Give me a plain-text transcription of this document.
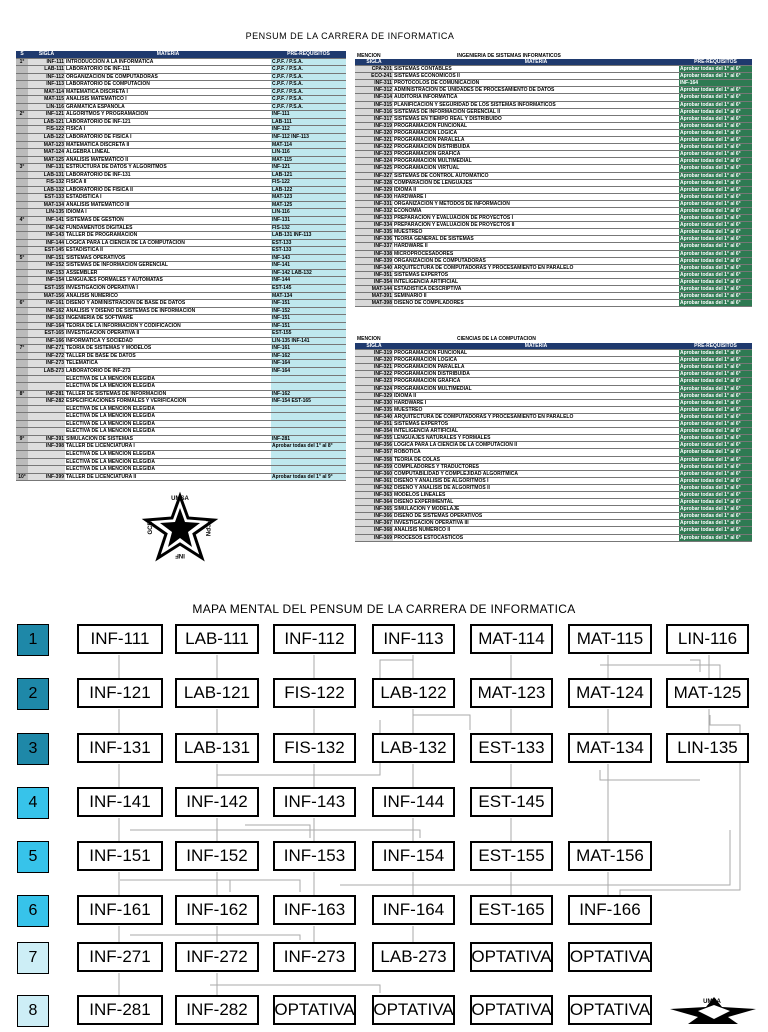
PENSUM DE LA CARRERA DE INFORMATICA
S	SIGLA	MATERIA	PRE-REQUISITOS
1°	INF-111	INTRODUCCION A LA INFORMATICA	C.P.F. / P.S.A.
	LAB-111	LABORATORIO DE INF-111	C.P.F. / P.S.A.
	INF-112	ORGANIZACION DE COMPUTADORAS	C.P.F. / P.S.A.
	INF-113	LABORATORIO DE COMPUTACION	C.P.F. / P.S.A.
	MAT-114	MATEMATICA DISCRETA I	C.P.F. / P.S.A.
	MAT-115	ANALISIS MATEMATICO I	C.P.F. / P.S.A.
	LIN-116	GRAMATICA ESPAÑOLA	C.P.F. / P.S.A.
2°	INF-121	ALGORITMOS Y PROGRAMACION	INF-111
	LAB-121	LABORATORIO DE INF-121	LAB-111
	FIS-122	FISICA I	INF-112
	LAB-122	LABORATORIO DE FISICA I	INF-112 INF-113
	MAT-123	MATEMATICA DISCRETA II	MAT-114
	MAT-124	ALGEBRA LINEAL	LIN-116
	MAT-125	ANALISIS MATEMATICO II	MAT-115
3°	INF-131	ESTRUCTURA DE DATOS Y ALGORITMOS	INF-121
	LAB-131	LABORATORIO DE INF-131	LAB-121
	FIS-132	FISICA II	FIS-122
	LAB-132	LABORATORIO DE FISICA II	LAB-122
	EST-133	ESTADISTICA I	MAT-123
	MAT-134	ANALISIS MATEMATICO III	MAT-125
	LIN-135	IDIOMA I	LIN-116
4°	INF-141	SISTEMAS DE GESTION	INF-131
	INF-142	FUNDAMENTOS DIGITALES	FIS-132
	INF-143	TALLER DE PROGRAMACION	LAB-131 INF-113
	INF-144	LOGICA PARA LA CIENCIA DE LA COMPUTACION	EST-133
	EST-145	ESTADISTICA II	EST-133
5°	INF-151	SISTEMAS OPERATIVOS	INF-143
	INF-152	SISTEMAS DE INFORMACION GERENCIAL	INF-141
	INF-153	ASSEMBLER	INF-142 LAB-132
	INF-154	LENGUAJES FORMALES Y AUTOMATAS	INF-144
	EST-155	INVESTIGACION OPERATIVA I	EST-145
	MAT-156	ANALISIS NUMERICO	MAT-134
6°	INF-161	DISEÑO Y ADMINISTRACION DE BASE DE DATOS	INF-151
	INF-162	ANALISIS Y DISEÑO DE SISTEMAS DE INFORMACION	INF-152
	INF-163	INGENIERIA DE SOFTWARE	INF-151
	INF-164	TEORIA DE LA INFORMACION Y CODIFICACION	INF-151
	EST-165	INVESTIGACION OPERATIVA II	EST-155
	INF-166	INFORMATICA Y SOCIEDAD	LIN-135 INF-141
7°	INF-271	TEORIA DE SISTEMAS Y MODELOS	INF-161
	INF-272	TALLER DE BASE DE DATOS	INF-162
	INF-273	TELEMATICA	INF-164
	LAB-273	LABORATORIO DE INF-273	INF-164
		ELECTIVA DE LA MENCION ELEGIDA	
		ELECTIVA DE LA MENCION ELEGIDA	
8°	INF-281	TALLER DE SISTEMAS DE INFORMACION	INF-162
	INF-282	ESPECIFICACIONES FORMALES Y VERIFICACION	INF-154 EST-165
		ELECTIVA DE LA MENCION ELEGIDA	
		ELECTIVA DE LA MENCION ELEGIDA	
		ELECTIVA DE LA MENCION ELEGIDA	
		ELECTIVA DE LA MENCION ELEGIDA	
9°	INF-391	SIMULACION DE SISTEMAS	INF-281
	INF-398	TALLER DE LICENCIATURA I	Aprobar todas del 1° al 8°
		ELECTIVA DE LA MENCION ELEGIDA	
		ELECTIVA DE LA MENCION ELEGIDA	
		ELECTIVA DE LA MENCION ELEGIDA	
10°	INF-399	TALLER DE LICENCIATURA II	Aprobar todas del 1° al 9°
MENCION	INGENIERIA DE SISTEMAS INFORMATICOS
SIGLA	MATERIA	PRE-REQUISITOS
CPA-201	SISTEMAS CONTABLES	Aprobar todas del 1° al 6°
ECO-241	SISTEMAS ECONOMICOS II	Aprobar todas del 1° al 6°
INF-311	PROTOCOLOS DE COMUNICACION	INF-164
INF-312	ADMINISTRACION DE UNIDADES DE PROCESAMIENTO DE DATOS	Aprobar todas del 1° al 6°
INF-314	AUDITORIA INFORMATICA	Aprobar todas del 1° al 6°
INF-315	PLANIFICACION Y SEGURIDAD DE LOS SISTEMAS INFORMATICOS	Aprobar todas del 1° al 6°
INF-316	SISTEMAS DE INFORMACION GERENCIAL II	Aprobar todas del 1° al 6°
INF-317	SISTEMAS EN TIEMPO REAL Y DISTRIBUIDO	Aprobar todas del 1° al 6°
INF-319	PROGRAMACION FUNCIONAL	Aprobar todas del 1° al 6°
INF-320	PROGRAMACION LOGICA	Aprobar todas del 1° al 6°
INF-321	PROGRAMACION PARALELA	Aprobar todas del 1° al 6°
INF-322	PROGRAMACION DISTRIBUIDA	Aprobar todas del 1° al 6°
INF-323	PROGRAMACION GRAFICA	Aprobar todas del 1° al 6°
INF-324	PROGRAMACION MULTIMEDIAL	Aprobar todas del 1° al 6°
INF-325	PROGRAMACION VIRTUAL	Aprobar todas del 1° al 6°
INF-327	SISTEMAS DE CONTROL AUTOMATICO	Aprobar todas del 1° al 6°
INF-328	COMPARACION DE LENGUAJES	Aprobar todas del 1° al 6°
INF-329	IDIOMA II	Aprobar todas del 1° al 6°
INF-330	HARDWARE I	Aprobar todas del 1° al 6°
INF-331	ORGANIZACION Y METODOS DE INFORMACION	Aprobar todas del 1° al 6°
INF-332	ECONOMIA	Aprobar todas del 1° al 6°
INF-333	PREPARACION Y EVALUACION DE PROYECTOS I	Aprobar todas del 1° al 6°
INF-334	PREPARACION Y EVALUACION DE PROYECTOS II	Aprobar todas del 1° al 6°
INF-335	MUESTREO	Aprobar todas del 1° al 6°
INF-336	TEORIA GENERAL DE SISTEMAS	Aprobar todas del 1° al 6°
INF-337	HARDWARE II	Aprobar todas del 1° al 6°
INF-338	MICROPROCESADORES	Aprobar todas del 1° al 6°
INF-339	ORGANIZACION DE COMPUTADORAS	Aprobar todas del 1° al 6°
INF-340	ARQUITECTURA DE COMPUTADORAS Y PROCESAMIENTO EN PARALELO	Aprobar todas del 1° al 6°
INF-351	SISTEMAS EXPERTOS	Aprobar todas del 1° al 6°
INF-354	INTELIGENCIA ARTIFICIAL	Aprobar todas del 1° al 6°
MAT-144	ESTADISTICA DESCRIPTIVA	Aprobar todas del 1° al 6°
MAT-391	SEMINARIO II	Aprobar todas del 1° al 6°
MAT-398	DISEÑO DE COMPILADORES	Aprobar todas del 1° al 6°
MENCION	CIENCIAS DE LA COMPUTACION
SIGLA	MATERIA	PRE-REQUISITOS
INF-319	PROGRAMACION FUNCIONAL	Aprobar todas del 1° al 6°
INF-320	PROGRAMACION LOGICA	Aprobar todas del 1° al 6°
INF-321	PROGRAMACION PARALELA	Aprobar todas del 1° al 6°
INF-322	PROGRAMACION DISTRIBUIDA	Aprobar todas del 1° al 6°
INF-323	PROGRAMACION GRAFICA	Aprobar todas del 1° al 6°
INF-324	PROGRAMACION MULTIMEDIAL	Aprobar todas del 1° al 6°
INF-329	IDIOMA II	Aprobar todas del 1° al 6°
INF-330	HARDWARE I	Aprobar todas del 1° al 6°
INF-335	MUESTREO	Aprobar todas del 1° al 6°
INF-340	ARQUITECTURA DE COMPUTADORAS Y PROCESAMIENTO EN PARALELO	Aprobar todas del 1° al 6°
INF-351	SISTEMAS EXPERTOS	Aprobar todas del 1° al 6°
INF-354	INTELIGENCIA ARTIFICIAL	Aprobar todas del 1° al 6°
INF-355	LENGUAJES NATURALES Y FORMALES	Aprobar todas del 1° al 6°
INF-356	LOGICA PARA LA CIENCIA DE LA COMPUTACION II	Aprobar todas del 1° al 6°
INF-357	ROBOTICA	Aprobar todas del 1° al 6°
INF-358	TEORIA DE COLAS	Aprobar todas del 1° al 6°
INF-359	COMPILADORES Y TRADUCTORES	Aprobar todas del 1° al 6°
INF-360	COMPUTABILIDAD Y COMPLEJIDAD ALGORITMICA	Aprobar todas del 1° al 6°
INF-361	DISEÑO Y ANALISIS DE ALGORITMOS I	Aprobar todas del 1° al 6°
INF-362	DISEÑO Y ANALISIS DE ALGORITMOS II	Aprobar todas del 1° al 6°
INF-363	MODELOS LINEALES	Aprobar todas del 1° al 6°
INF-364	DISEÑO EXPERIMENTAL	Aprobar todas del 1° al 6°
INF-365	SIMULACION Y MODELAJE	Aprobar todas del 1° al 6°
INF-366	DISEÑO DE SISTEMAS OPERATIVOS	Aprobar todas del 1° al 6°
INF-367	INVESTIGACION OPERATIVA III	Aprobar todas del 1° al 6°
INF-368	ANALISIS NUMERICO II	Aprobar todas del 1° al 6°
INF-369	PROCESOS ESTOCASTICOS	Aprobar todas del 1° al 6°
UMSA
FCPN
INF
GCE
MAPA MENTAL DEL PENSUM DE LA CARRERA DE INFORMATICA
1	INF-111	LAB-111	INF-112	INF-113	MAT-114	MAT-115	LIN-116
2	INF-121	LAB-121	FIS-122	LAB-122	MAT-123	MAT-124	MAT-125
3	INF-131	LAB-131	FIS-132	LAB-132	EST-133	MAT-134	LIN-135
4	INF-141	INF-142	INF-143	INF-144	EST-145
5	INF-151	INF-152	INF-153	INF-154	EST-155	MAT-156
6	INF-161	INF-162	INF-163	INF-164	EST-165	INF-166
7	INF-271	INF-272	INF-273	LAB-273	OPTATIVA OPTATIVA
8	INF-281	INF-282	OPTATIVA OPTATIVA OPTATIVA OPTATIVA	UMSA
